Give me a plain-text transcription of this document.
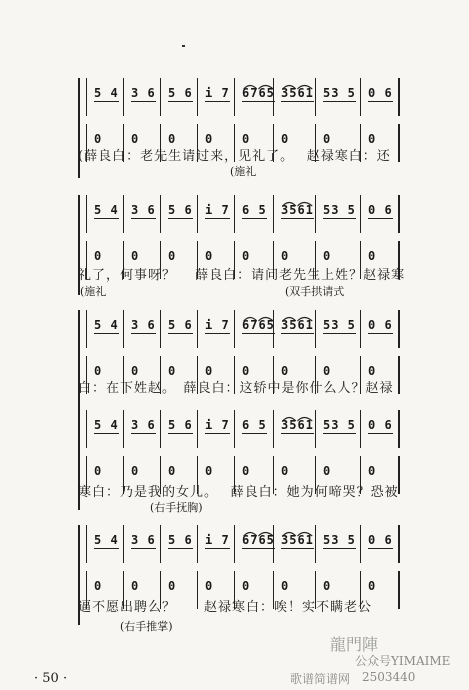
5 4 3 6 5 6 i 7 6765 3561 53 5 0 6
0 0 0 0 0	0	0	0
5 4 3 6 5 6 i 7 6 5 3561 53 5 0 6
0 0 0 0 0	0	0	0
5 4 3 6 5 6 i 7 6765 3561 53 5 0 6
0 0 0 0 0	0	0	0
5 4 3 6 5 6 i 7 6 5 3561 53 5 0 6
0 0 0 0 0	0	0	0
5 4 3 6 5 6 i 7 6765 3561 53 5 0 6
0 0 0 0 0	0	0	0
(薛良白：老先生请过来，见礼了。　 赵禄寒白：还
(施礼
礼了，何事呀？　 薛良白：请问老先生上姓？赵禄寒
(施礼	(双手拱请式
白：在下姓赵。　薛良白：这轿中是你什么人？赵禄
寒白：乃是我的女儿。　 薛良白：她为何啼哭？恐被
(右手抚胸)
逼不愿出聘么？　　赵禄寒白：唉！实不瞒老公
(右手推掌)
· 50 ·
龍門陣
公众号YIMAIME
歌谱简谱网 2503440
